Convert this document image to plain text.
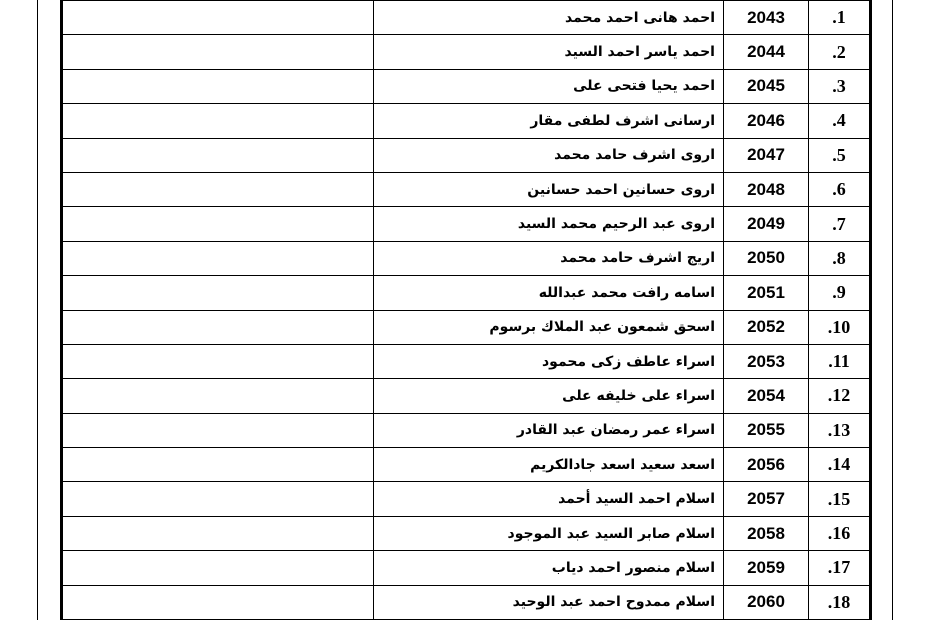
	احمد هانى احمد محمد	2043	.1
	احمد ياسر احمد السيد	2044	.2
	احمد يحيا فتحى على	2045	.3
	ارسانى اشرف لطفى مقار	2046	.4
	اروى اشرف حامد محمد	2047	.5
	اروى حسانين احمد حسانين	2048	.6
	اروى عبد الرحيم محمد السيد	2049	.7
	اريج اشرف حامد محمد	2050	.8
	اسامه رافت محمد عبدالله	2051	.9
	اسحق شمعون عبد الملاك برسوم	2052	.10
	اسراء عاطف زكى محمود	2053	.11
	اسراء على خليفه على	2054	.12
	اسراء عمر رمضان عبد القادر	2055	.13
	اسعد سعيد اسعد جادالكريم	2056	.14
	اسلام احمد السيد أحمد	2057	.15
	اسلام صابر السيد عبد الموجود	2058	.16
	اسلام منصور احمد دياب	2059	.17
	اسلام ممدوح احمد عبد الوحيد	2060	.18
